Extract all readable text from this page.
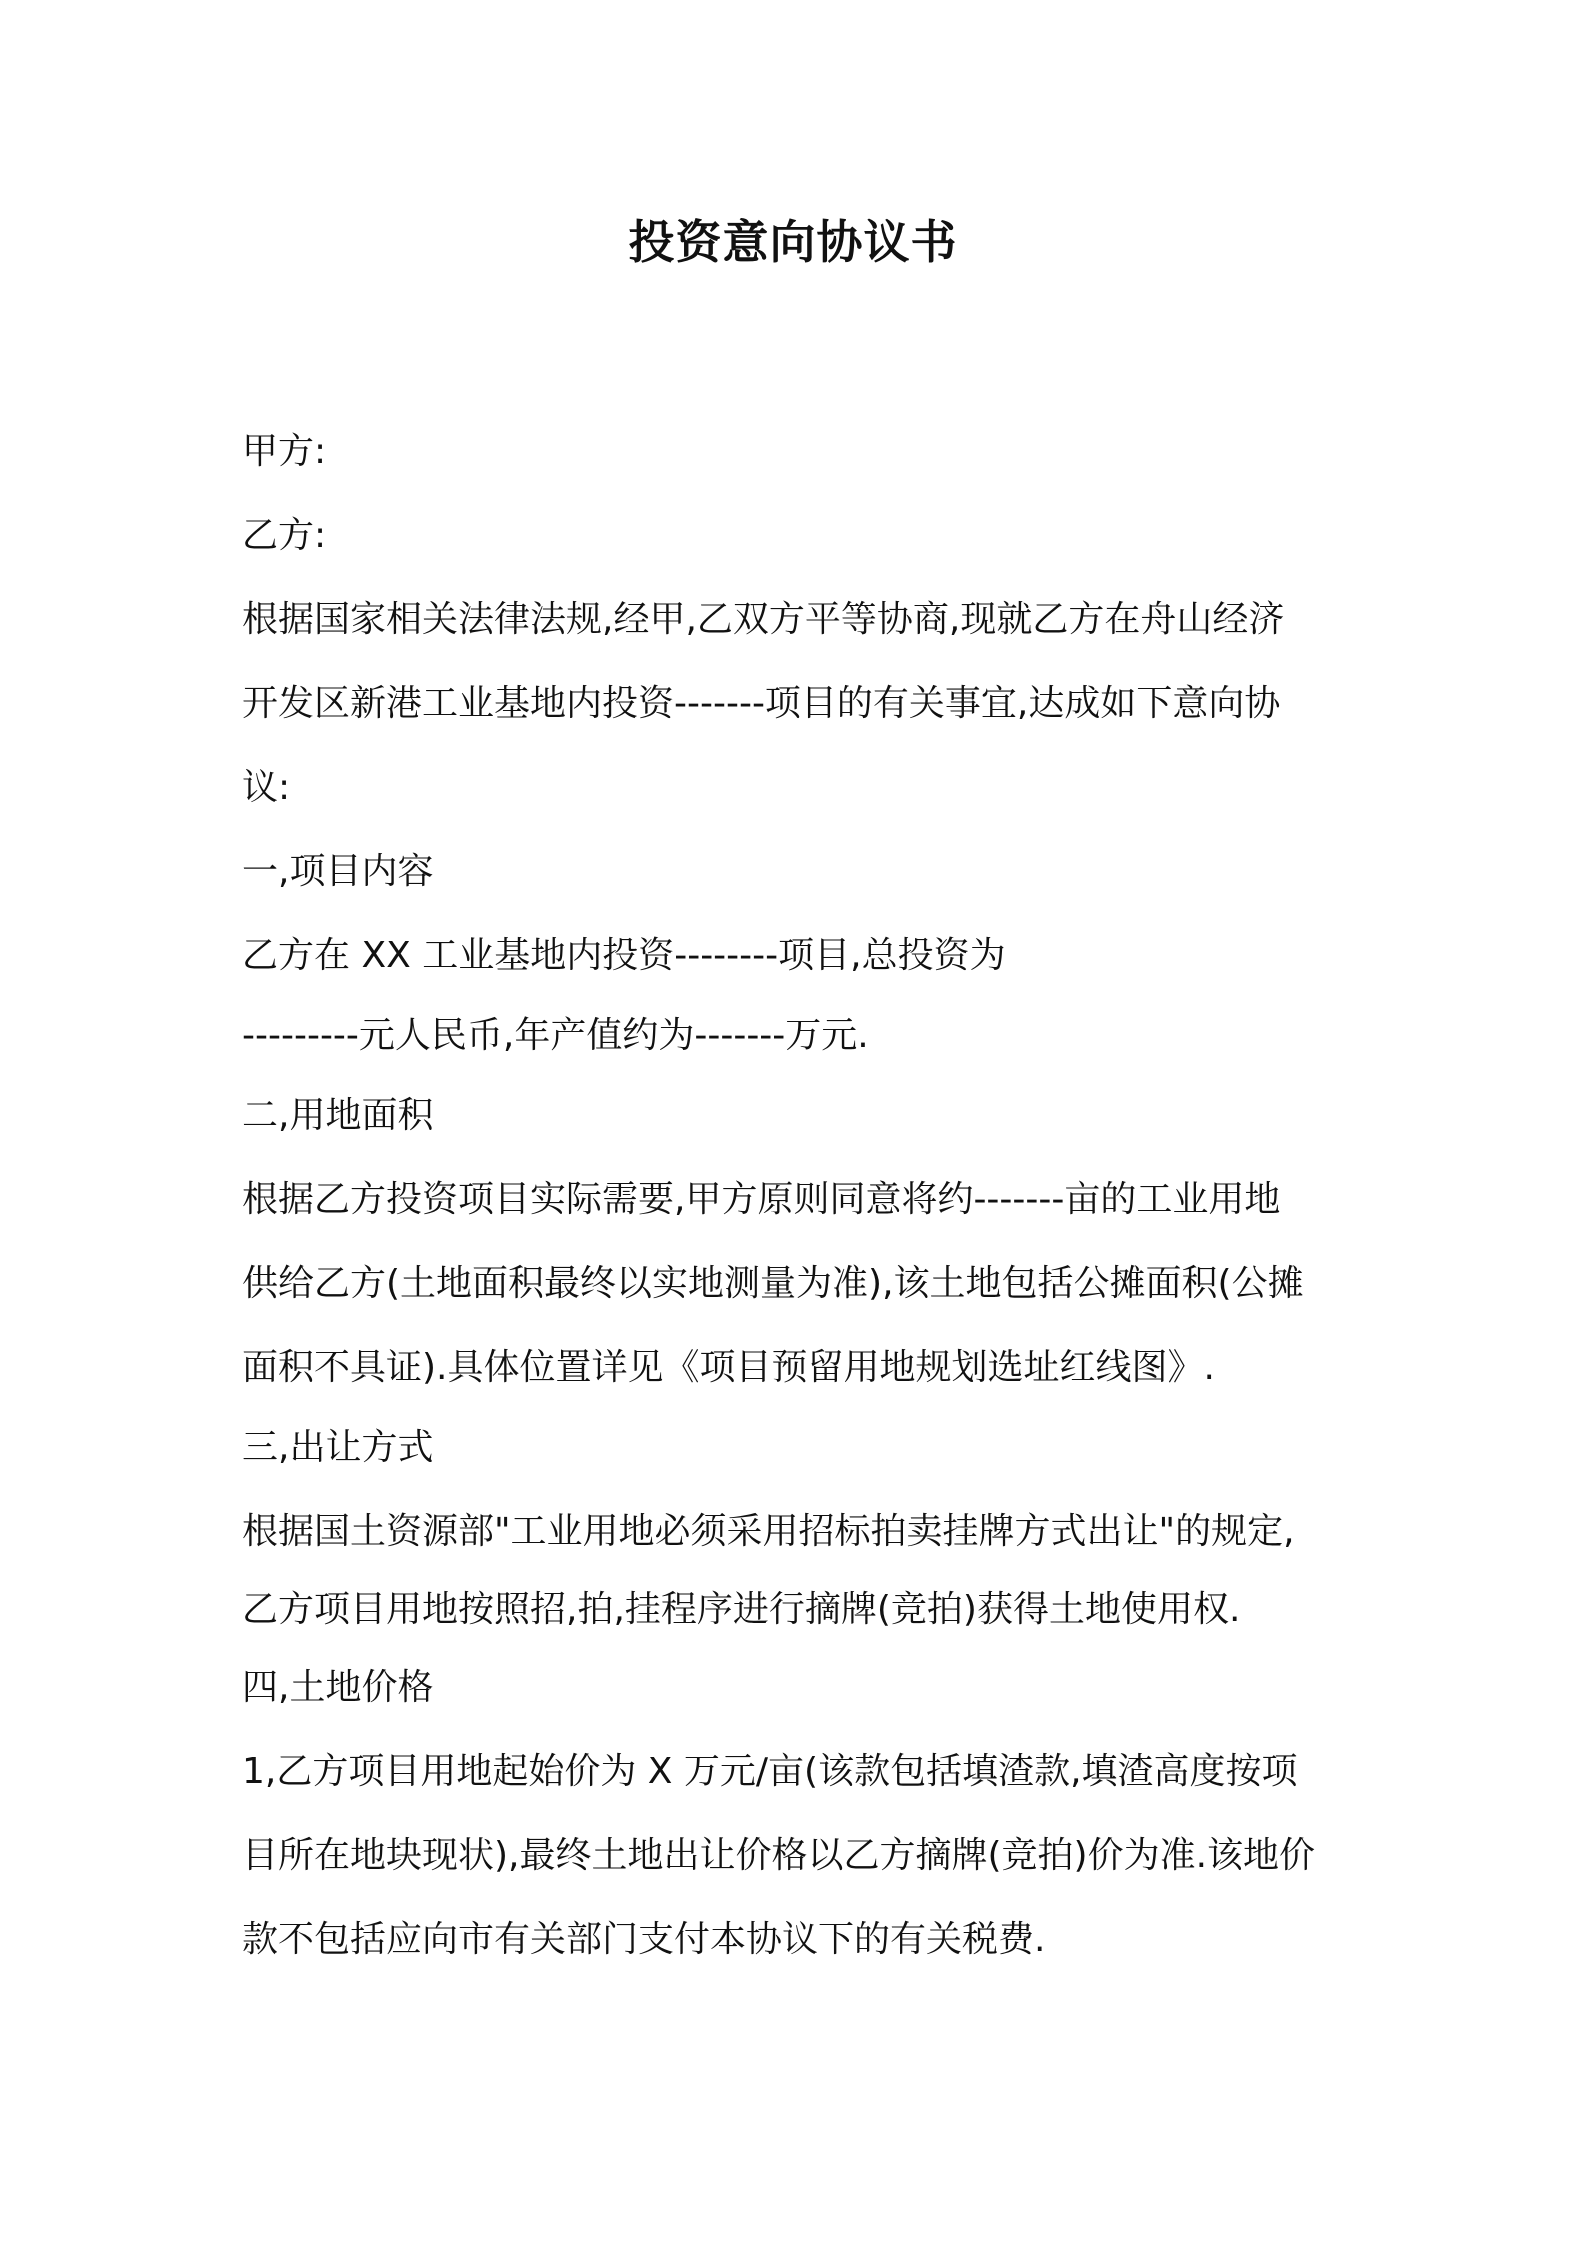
投资意向协议书
甲方:
乙方:
根据国家相关法律法规,经甲,乙双方平等协商,现就乙方在舟山经济
开发区新港工业基地内投资-------项目的有关事宜,达成如下意向协
议:
一,项目内容
乙方在 XX 工业基地内投资--------项目,总投资为
---------元人民币,年产值约为-------万元.
二,用地面积
根据乙方投资项目实际需要,甲方原则同意将约-------亩的工业用地
供给乙方(土地面积最终以实地测量为准),该土地包括公摊面积(公摊
面积不具证).具体位置详见《项目预留用地规划选址红线图》.
三,出让方式
根据国土资源部"工业用地必须采用招标拍卖挂牌方式出让"的规定,
乙方项目用地按照招,拍,挂程序进行摘牌(竞拍)获得土地使用权.
四,土地价格
1,乙方项目用地起始价为 X 万元/亩(该款包括填渣款,填渣高度按项
目所在地块现状),最终土地出让价格以乙方摘牌(竞拍)价为准.该地价
款不包括应向市有关部门支付本协议下的有关税费.
